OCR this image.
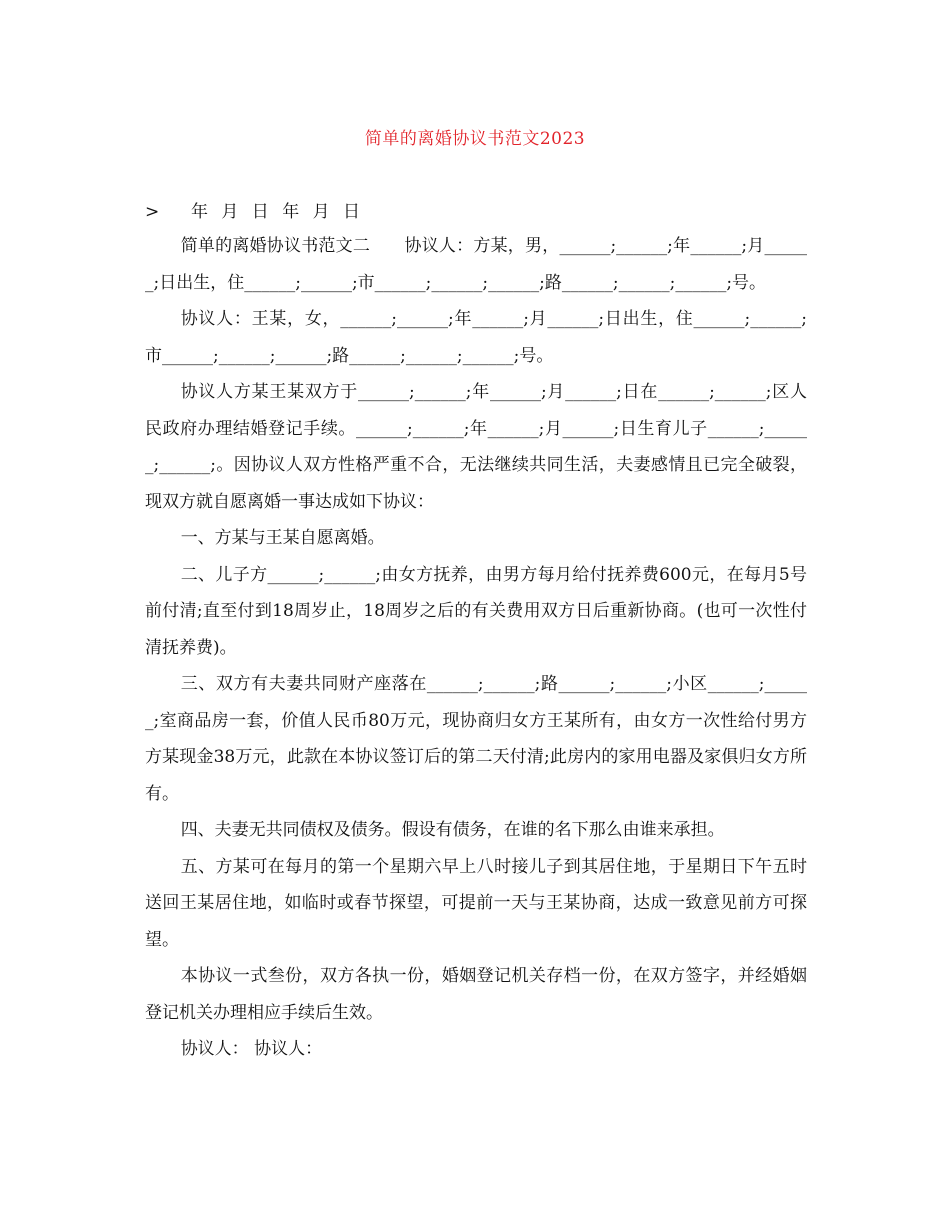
简单的离婚协议书范文2023
> 年 月 日 年 月 日

简单的离婚协议书范文二　　协议人：方某，男，______;______;年______;月______;日出生，住______;______;市______;______;______;路______;______;______;号。

协议人：王某，女，______;______;年______;月______;日出生，住______;______;市______;______;______;路______;______;______;号。

协议人方某王某双方于______;______;年______;月______;日在______;______;区人民政府办理结婚登记手续。______;______;年______;月______;日生育儿子______;______;______;。因协议人双方性格严重不合，无法继续共同生活，夫妻感情且已完全破裂，现双方就自愿离婚一事达成如下协议：

一、方某与王某自愿离婚。

二、儿子方______;______;由女方抚养，由男方每月给付抚养费600元，在每月5号前付清;直至付到18周岁止，18周岁之后的有关费用双方日后重新协商。(也可一次性付清抚养费)。

三、双方有夫妻共同财产座落在______;______;路______;______;小区______;______;室商品房一套，价值人民币80万元，现协商归女方王某所有，由女方一次性给付男方方某现金38万元，此款在本协议签订后的第二天付清;此房内的家用电器及家俱归女方所有。

四、夫妻无共同债权及债务。假设有债务，在谁的名下那么由谁来承担。

五、方某可在每月的第一个星期六早上八时接儿子到其居住地，于星期日下午五时送回王某居住地，如临时或春节探望，可提前一天与王某协商，达成一致意见前方可探望。

本协议一式叁份，双方各执一份，婚姻登记机关存档一份，在双方签字，并经婚姻登记机关办理相应手续后生效。

协议人： 协议人：
